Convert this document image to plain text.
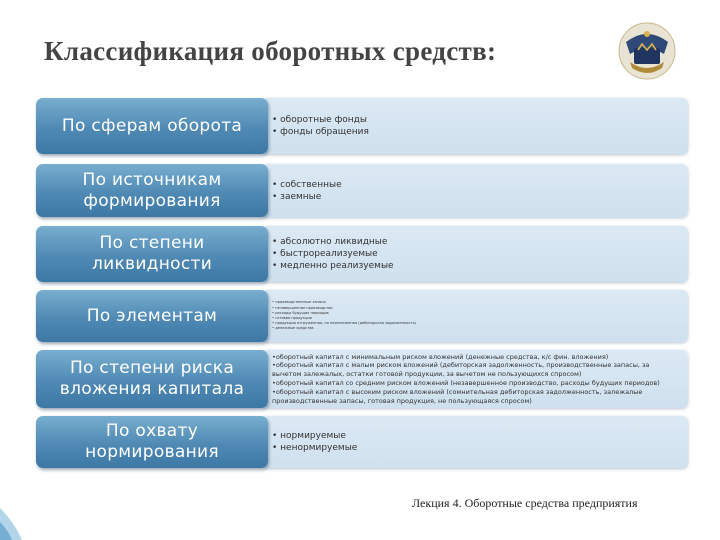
Классификация оборотных средств:
• оборотные фонды
• фонды обращения
По сферам оборота
• собственные
• заемные
По источникам формирования
• абсолютно ликвидные
• быстрореализуемые
• медленно реализуемые
По степени ликвидности
• производственные запасы
• незавершенное производство
• расходы будущих периодов
• готовая продукция
• продукция отгруженная, но неоплаченная (дебиторская задолженность)
• денежные средства
По элементам
•оборотный капитал с минимальным риском вложений (денежные средства, к/с фин. вложения)
•оборотный капитал с малым риском вложений (дебиторская задолженность, производственные запасы, за вычетом залежалых, остатки готовой продукции, за вычетом не пользующихся спросом)
•оборотный капитал со средним риском вложений (незавершенное производство, расходы будущих периодов)
•оборотный капитал с высоким риском вложений (сомнительная дебиторская задолженность, залежалые производственные запасы, готовая продукция, не пользующаяся спросом)
По степени риска вложения капитала
• нормируемые
• ненормируемые
По охвату нормирования
Лекция 4. Оборотные средства предприятия
